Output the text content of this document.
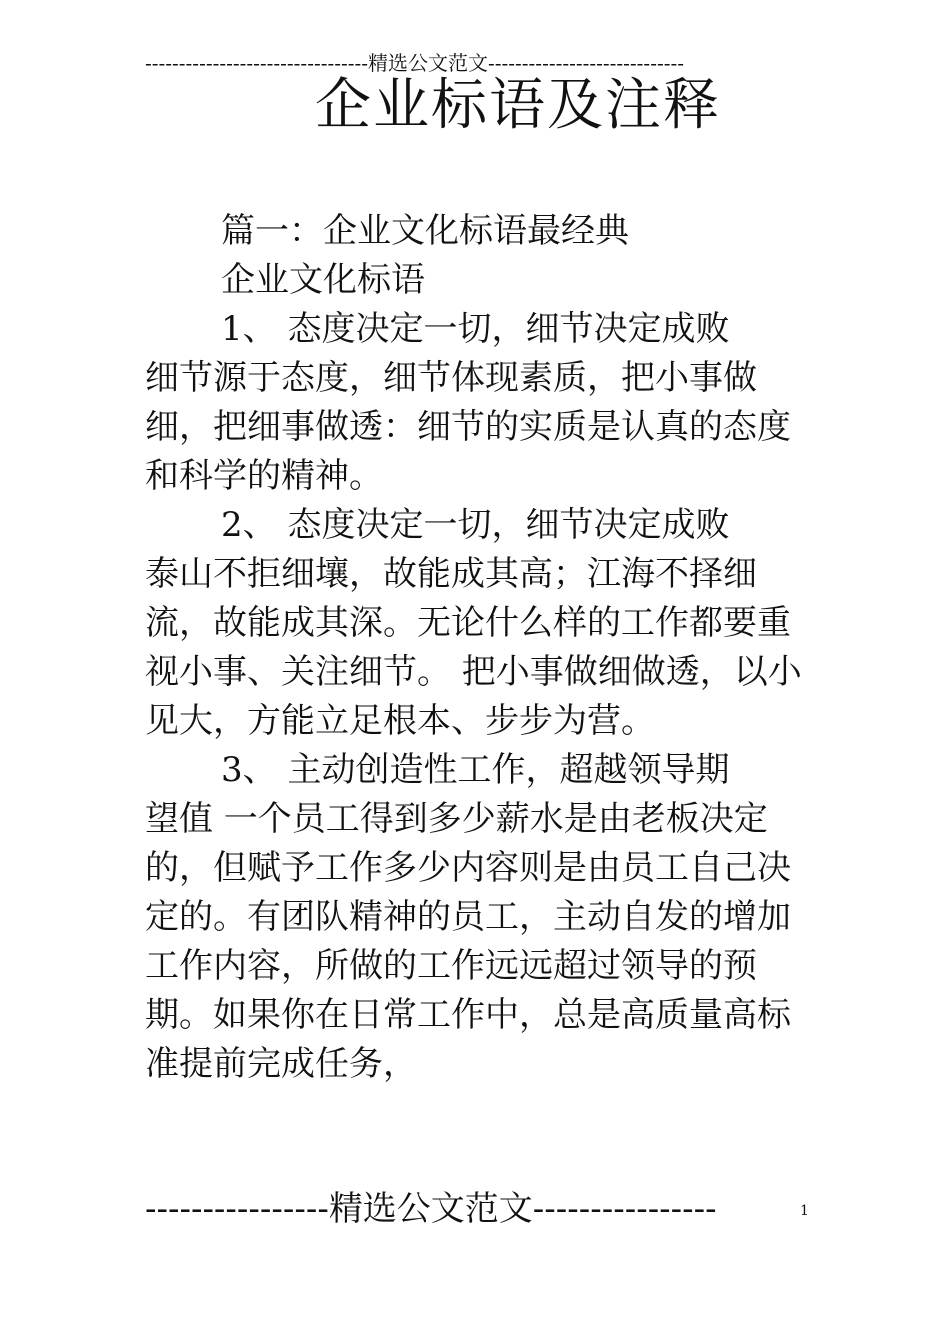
---------------------------------精选公文范文-----------------------------
企业标语及注释

篇一：企业文化标语最经典

企业文化标语

1、 态度决定一切，细节决定成败
细节源于态度，细节体现素质，把小事做细，把细事做透：细节的实质是认真的态度和科学的精神。
2、 态度决定一切，细节决定成败
泰山不拒细壤，故能成其高；江海不择细流，故能成其深。无论什么样的工作都要重视小事、关注细节。 把小事做细做透，以小见大，方能立足根本、步步为营。
3、 主动创造性工作，超越领导期
望值 一个员工得到多少薪水是由老板决定的，但赋予工作多少内容则是由员工自己决定的。有团队精神的员工，主动自发的增加工作内容，所做的工作远远超过领导的预期。如果你在日常工作中，总是高质量高标准提前完成任务，
----------------精选公文范文----------------	1
